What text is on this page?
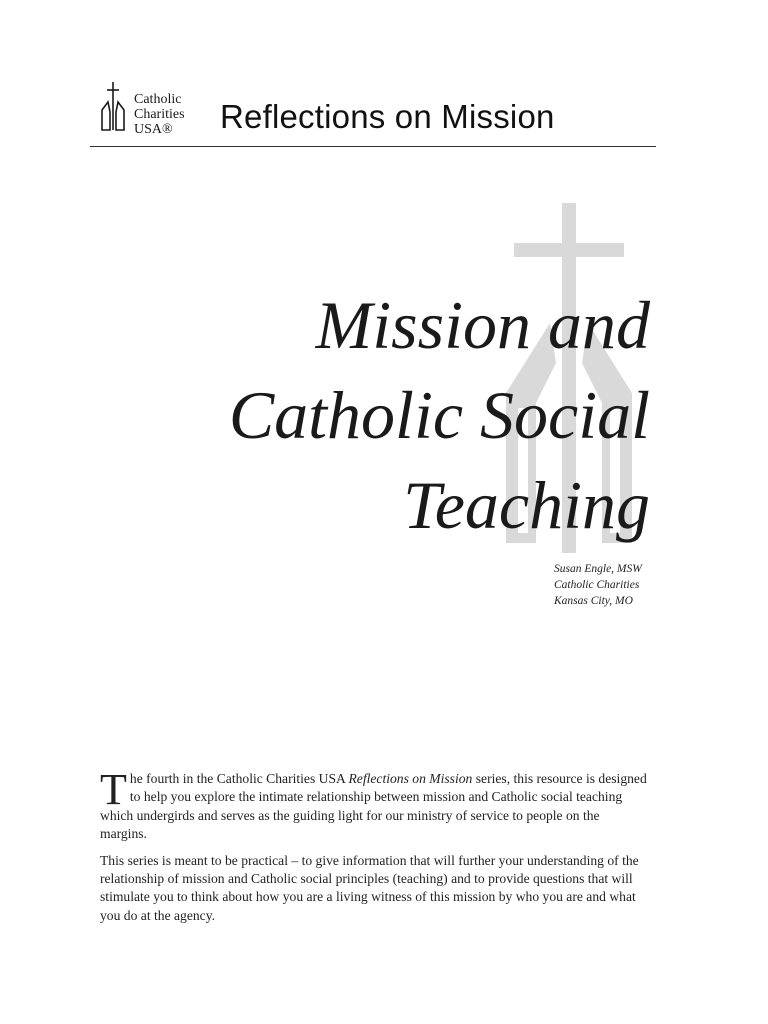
Catholic
Charities
USA®	Reflections on Mission
Mission and
Catholic Social
Teaching
Susan Engle, MSW
Catholic Charities
Kansas City, MO

The fourth in the Catholic Charities USA Reflections on Mission series, this resource is designed to help you explore the intimate relationship between mission and Catholic social teaching which undergirds and serves as the guiding light for our ministry of service to people on the margins.

This series is meant to be practical – to give information that will further your understanding of the relationship of mission and Catholic social principles (teaching) and to provide questions that will stimulate you to think about how you are a living witness of this mission by who you are and what you do at the agency.
